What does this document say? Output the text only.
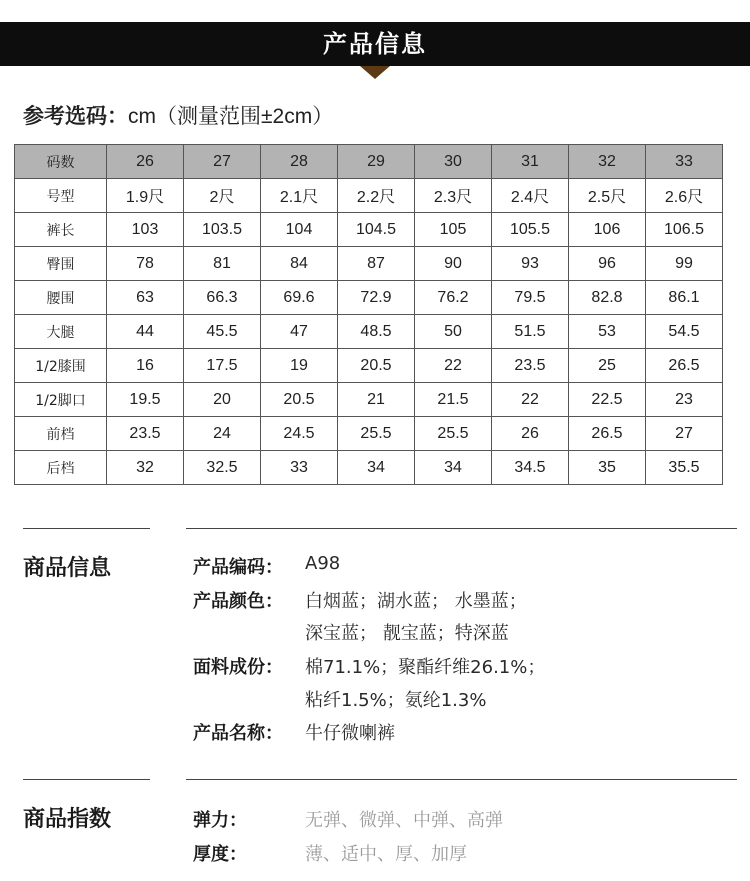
产品信息
参考选码：cm（测量范围±2cm）
码数	26	27	28	29	30	31	32	33
号型	1.9尺	2尺	2.1尺	2.2尺	2.3尺	2.4尺	2.5尺	2.6尺
裤长	103	103.5	104	104.5	105	105.5	106	106.5
臀围	78	81	84	87	90	93	96	99
腰围	63	66.3	69.6	72.9	76.2	79.5	82.8	86.1
大腿	44	45.5	47	48.5	50	51.5	53	54.5
1/2膝围	16	17.5	19	20.5	22	23.5	25	26.5
1/2脚口	19.5	20	20.5	21	21.5	22	22.5	23
前档	23.5	24	24.5	25.5	25.5	26	26.5	27
后档	32	32.5	33	34	34	34.5	35	35.5
商品信息	产品编码： A98
产品颜色： 白烟蓝；湖水蓝； 水墨蓝；
深宝蓝； 靓宝蓝；特深蓝
面料成份： 棉71.1%；聚酯纤维26.1%；
粘纤1.5%；氨纶1.3%
产品名称： 牛仔微喇裤
商品指数	弹力：	无弹、微弹、中弹、高弹
厚度：	薄、适中、厚、加厚
